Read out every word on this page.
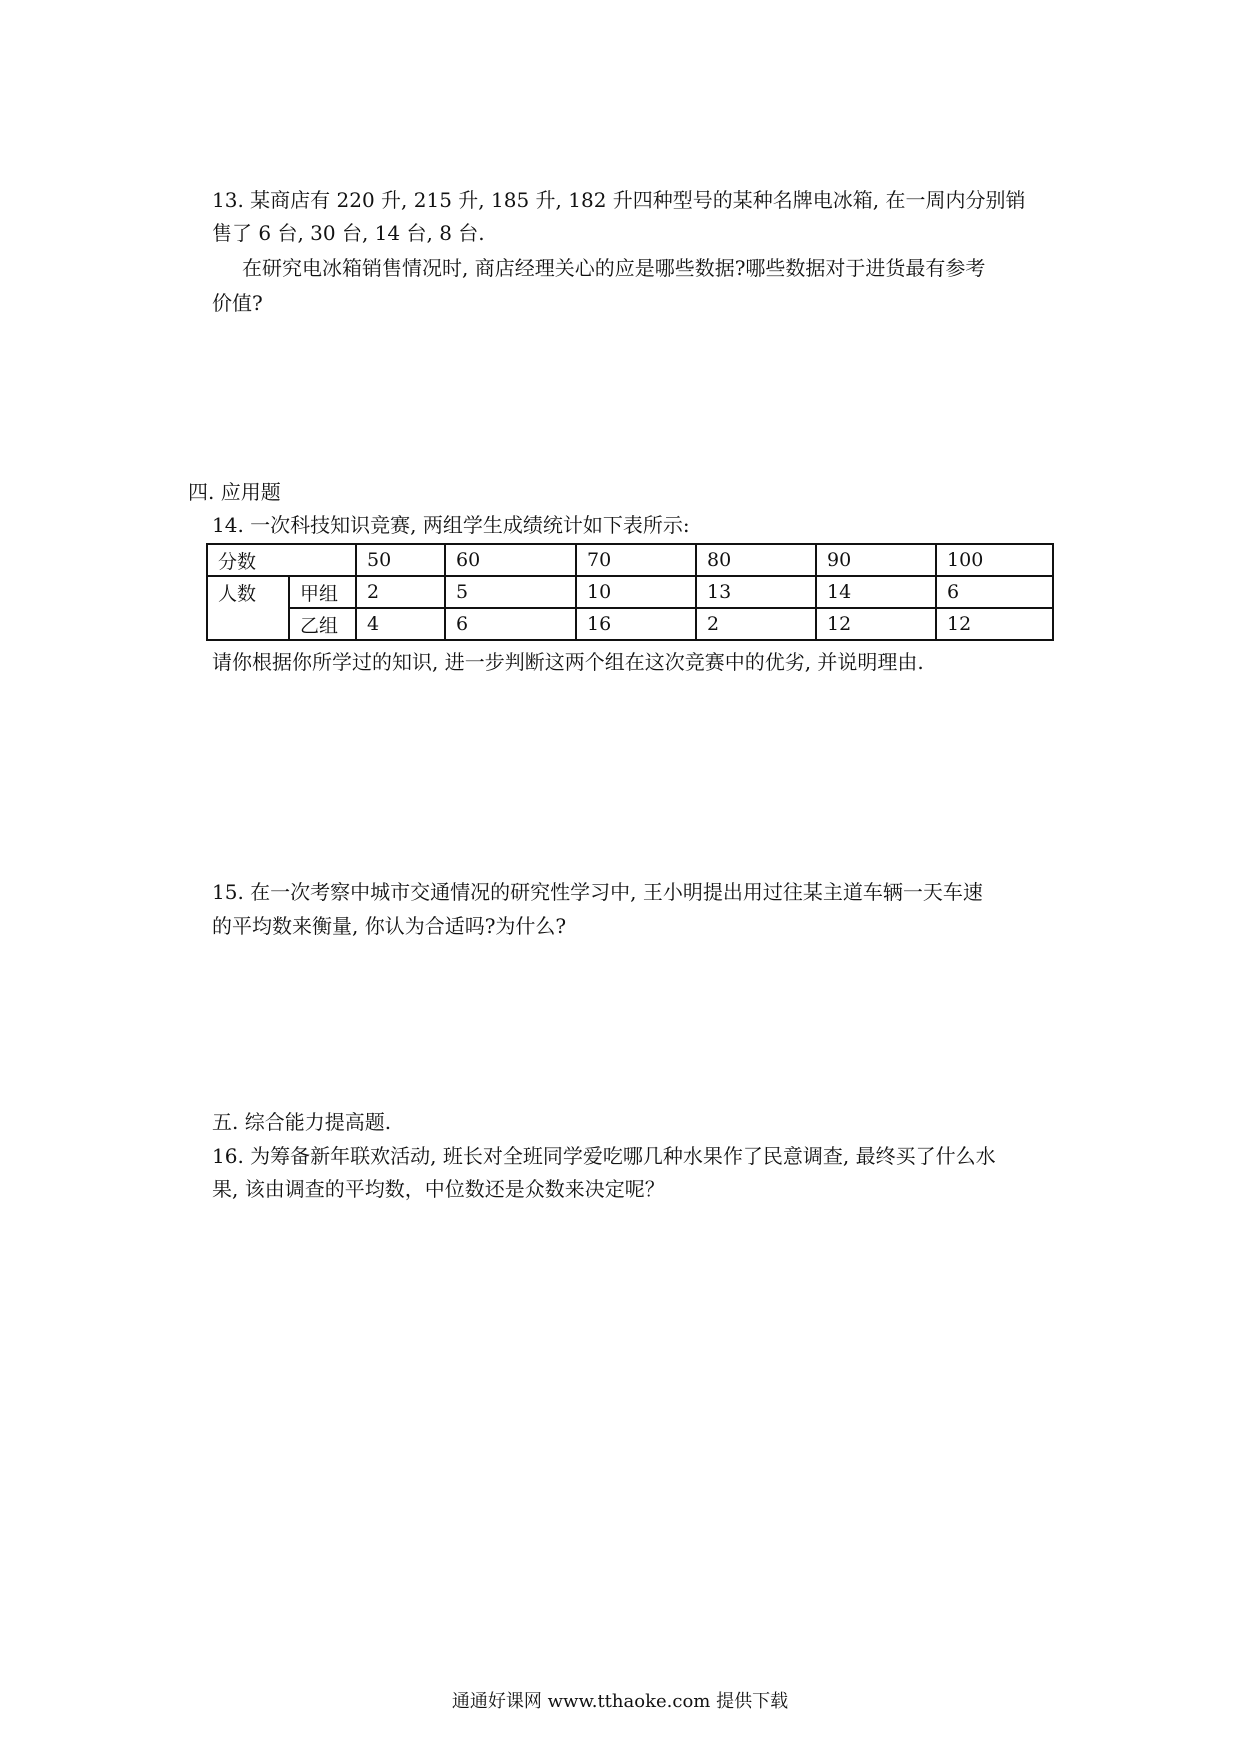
13. 某商店有 220 升, 215 升, 185 升, 182 升四种型号的某种名牌电冰箱, 在一周内分别销
售了 6 台, 30 台, 14 台, 8 台.
在研究电冰箱销售情况时, 商店经理关心的应是哪些数据?哪些数据对于进货最有参考
价值?
四. 应用题
14. 一次科技知识竞赛, 两组学生成绩统计如下表所示:
分数		50	60	70	80	90	100
人数	甲组	2	5	10	13	14	6
	乙组	4	6	16	2	12	12
请你根据你所学过的知识, 进一步判断这两个组在这次竞赛中的优劣, 并说明理由.
15. 在一次考察中城市交通情况的研究性学习中, 王小明提出用过往某主道车辆一天车速
的平均数来衡量, 你认为合适吗?为什么?
五. 综合能力提高题.
16. 为筹备新年联欢活动, 班长对全班同学爱吃哪几种水果作了民意调查, 最终买了什么水
果, 该由调查的平均数，中位数还是众数来决定呢？
通通好课网 www.tthaoke.com 提供下载
